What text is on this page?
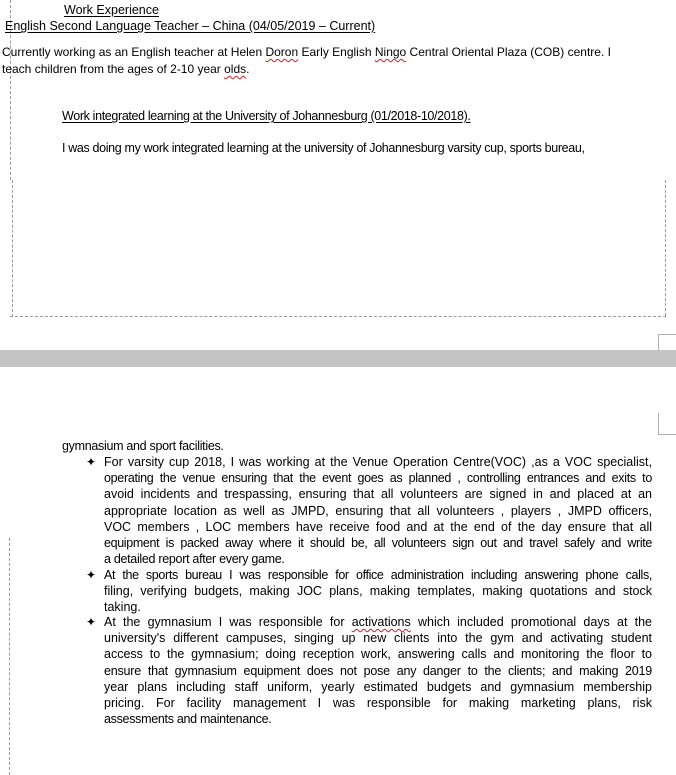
Work Experience
English Second Language Teacher – China (04/05/2019 – Current)
Currently working as an English teacher at Helen Doron Early English Ningo Central Oriental Plaza (COB) centre. I
teach children from the ages of 2-10 year olds.
Work integrated learning at the University of Johannesburg (01/2018-10/2018).
I was doing my work integrated learning at the university of Johannesburg varsity cup, sports bureau,
gymnasium and sport facilities.
✦ For varsity cup 2018, I was working at the Venue Operation Centre(VOC) ,as a VOC specialist,
operating the venue ensuring that the event goes as planned , controlling entrances and exits to
avoid incidents and trespassing, ensuring that all volunteers are signed in and placed at an
appropriate location as well as JMPD, ensuring that all volunteers , players , JMPD officers,
VOC members , LOC members have receive food and at the end of the day ensure that all
equipment is packed away where it should be, all volunteers sign out and travel safely and write
a detailed report after every game.
✦ At the sports bureau I was responsible for office administration including answering phone calls,
filing, verifying budgets, making JOC plans, making templates, making quotations and stock
taking.
✦ At the gymnasium I was responsible for activations which included promotional days at the
university's different campuses, singing up new clients into the gym and activating student
access to the gymnasium; doing reception work, answering calls and monitoring the floor to
ensure that gymnasium equipment does not pose any danger to the clients; and making 2019
year plans including staff uniform, yearly estimated budgets and gymnasium membership
pricing. For facility management I was responsible for making marketing plans, risk
assessments and maintenance.
